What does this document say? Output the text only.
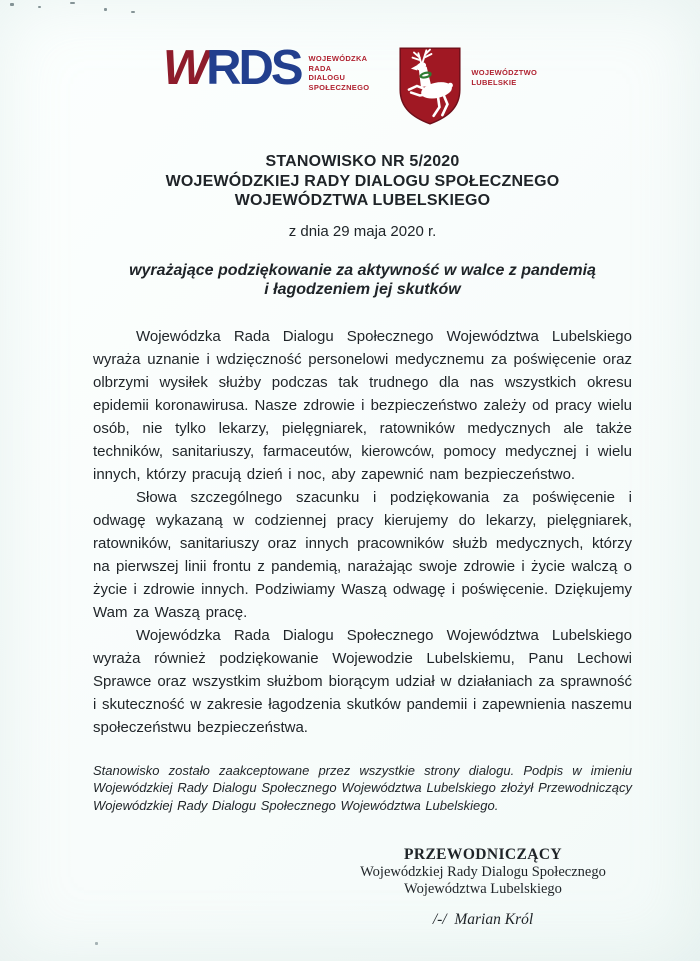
WRDS WOJEWÓDZKA
RADA
DIALOGU
SPOŁECZNEGO
WOJEWÓDZTWO
LUBELSKIE
STANOWISKO NR 5/2020
WOJEWÓDZKIEJ RADY DIALOGU SPOŁECZNEGO
WOJEWÓDZTWA LUBELSKIEGO
z dnia 29 maja 2020 r.
wyrażające podziękowanie za aktywność w walce z pandemią
i łagodzeniem jej skutków

Wojewódzka Rada Dialogu Społecznego Województwa Lubelskiego wyraża uznanie i wdzięczność personelowi medycznemu za poświęcenie oraz olbrzymi wysiłek służby podczas tak trudnego dla nas wszystkich okresu epidemii koronawirusa. Nasze zdrowie i bezpieczeństwo zależy od pracy wielu osób, nie tylko lekarzy, pielęgniarek, ratowników medycznych ale także techników, sanitariuszy, farmaceutów, kierowców, pomocy medycznej i wielu innych, którzy pracują dzień i noc, aby zapewnić nam bezpieczeństwo.

Słowa szczególnego szacunku i podziękowania za poświęcenie i odwagę wykazaną w codziennej pracy kierujemy do lekarzy, pielęgniarek, ratowników, sanitariuszy oraz innych pracowników służb medycznych, którzy na pierwszej linii frontu z pandemią, narażając swoje zdrowie i życie walczą o życie i zdrowie innych. Podziwiamy Waszą odwagę i poświęcenie. Dziękujemy Wam za Waszą pracę.

Wojewódzka Rada Dialogu Społecznego Województwa Lubelskiego wyraża również podziękowanie Wojewodzie Lubelskiemu, Panu Lechowi Sprawce oraz wszystkim służbom biorącym udział w działaniach za sprawność i skuteczność w zakresie łagodzenia skutków pandemii i zapewnienia naszemu społeczeństwu bezpieczeństwa.

Stanowisko zostało zaakceptowane przez wszystkie strony dialogu. Podpis w imieniu Wojewódzkiej Rady Dialogu Społecznego Województwa Lubelskiego złożył Przewodniczący Wojewódzkiej Rady Dialogu Społecznego Województwa Lubelskiego.
PRZEWODNICZĄCY
Wojewódzkiej Rady Dialogu Społecznego
Województwa Lubelskiego
/-/  Marian Król
